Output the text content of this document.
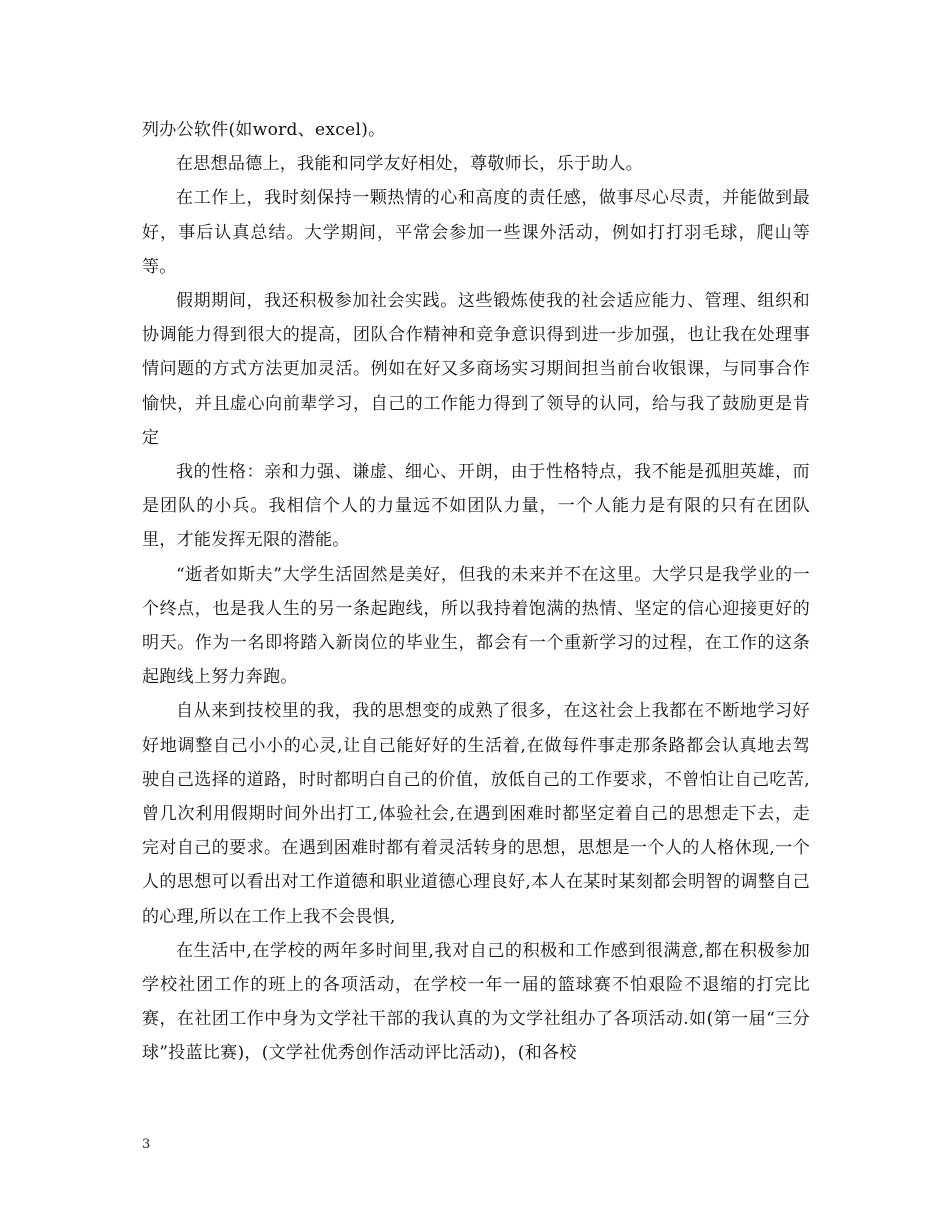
列办公软件(如word、excel)。

在思想品德上，我能和同学友好相处，尊敬师长，乐于助人。

在工作上，我时刻保持一颗热情的心和高度的责任感，做事尽心尽责，并能做到最好，事后认真总结。大学期间，平常会参加一些课外活动，例如打打羽毛球，爬山等等。

假期期间，我还积极参加社会实践。这些锻炼使我的社会适应能力、管理、组织和协调能力得到很大的提高，团队合作精神和竞争意识得到进一步加强，也让我在处理事情问题的方式方法更加灵活。例如在好又多商场实习期间担当前台收银课，与同事合作愉快，并且虚心向前辈学习，自己的工作能力得到了领导的认同，给与我了鼓励更是肯定

我的性格：亲和力强、谦虚、细心、开朗，由于性格特点，我不能是孤胆英雄，而是团队的小兵。我相信个人的力量远不如团队力量，一个人能力是有限的只有在团队里，才能发挥无限的潜能。

“逝者如斯夫”大学生活固然是美好，但我的未来并不在这里。大学只是我学业的一个终点，也是我人生的另一条起跑线，所以我持着饱满的热情、坚定的信心迎接更好的明天。作为一名即将踏入新岗位的毕业生，都会有一个重新学习的过程，在工作的这条起跑线上努力奔跑。

自从来到技校里的我，我的思想变的成熟了很多，在这社会上我都在不断地学习好好地调整自己小小的心灵,让自己能好好的生活着,在做每件事走那条路都会认真地去驾驶自己选择的道路，时时都明白自己的价值，放低自己的工作要求，不曾怕让自己吃苦,曾几次利用假期时间外出打工,体验社会,在遇到困难时都坚定着自己的思想走下去，走完对自己的要求。在遇到困难时都有着灵活转身的思想，思想是一个人的人格休现,一个人的思想可以看出对工作道德和职业道德心理良好,本人在某时某刻都会明智的调整自己的心理,所以在工作上我不会畏惧,

在生活中,在学校的两年多时间里,我对自己的积极和工作感到很满意,都在积极参加学校社团工作的班上的各项活动，在学校一年一届的篮球赛不怕艰险不退缩的打完比赛，在社团工作中身为文学社干部的我认真的为文学社组办了各项活动.如(第一届“三分球”投蓝比赛)，(文学社优秀创作活动评比活动)，(和各校

3
